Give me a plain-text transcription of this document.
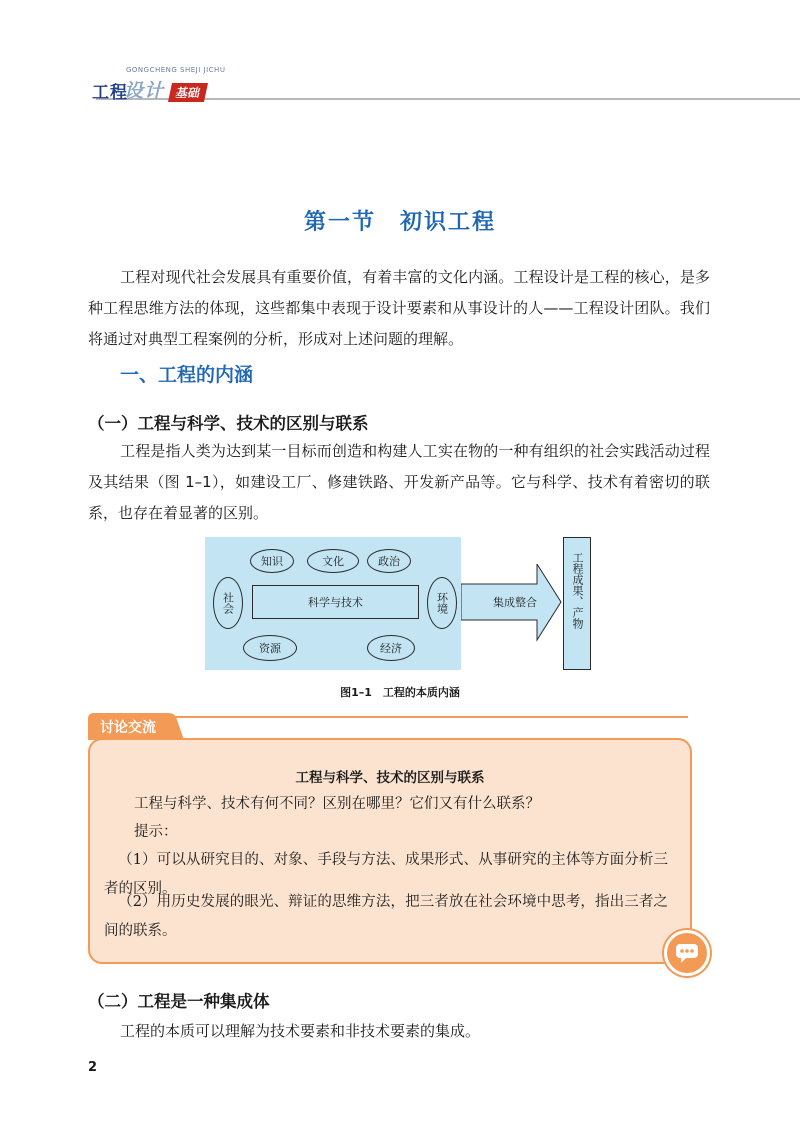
GONGCHENG SHEJI JICHU
工程
设计 基础
第一节　初识工程
工程对现代社会发展具有重要价值，有着丰富的文化内涵。工程设计是工程的核心，是多种工程思维方法的体现，这些都集中表现于设计要素和从事设计的人——工程设计团队。我们将通过对典型工程案例的分析，形成对上述问题的理解。
一、工程的内涵
（一）工程与科学、技术的区别与联系
工程是指人类为达到某一目标而创造和构建人工实在物的一种有组织的社会实践活动过程及其结果（图 1–1），如建设工厂、修建铁路、开发新产品等。它与科学、技术有着密切的联系，也存在着显著的区别。
知识	文化	政治
社会	环境
资源	经济
科学与技术	集成整合	工程成果、产物
图1–1　工程的本质内涵
讨论交流
工程与科学、技术的区别与联系
工程与科学、技术有何不同？区别在哪里？它们又有什么联系？
提示：
（1）可以从研究目的、对象、手段与方法、成果形式、从事研究的主体等方面分析三者的区别。
（2）用历史发展的眼光、辩证的思维方法，把三者放在社会环境中思考，指出三者之间的联系。
（二）工程是一种集成体
工程的本质可以理解为技术要素和非技术要素的集成。
2
